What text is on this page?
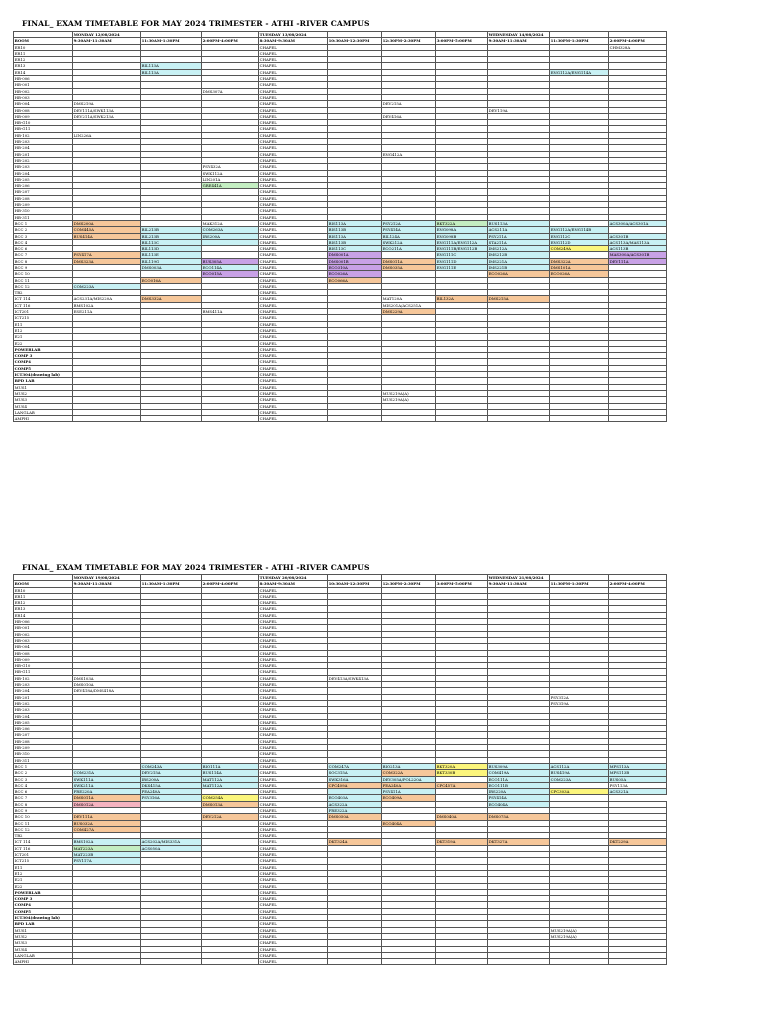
FINAL_ EXAM TIMETABLE FOR MAY 2024 TRIMESTER - ATHI -RIVER CAMPUS
	MONDAY 12/08/2024			TUESDAY 13/08/2024				WEDNESDAY 14/08/2024		
ROOM	9:30AM-11:30AM	11:30AM-1:30PM	2:00PM-4:00PM	8:30AM-9:30AM	10:30AM-12:30PM	12:30PM-2:30PM	3:00PM-5:00PM	9:30AM-11:30AM	11:30PM-1:30PM	2:00PM-4:00PM
ER10				CHAPEL						CHM328A
ER11				CHAPEL						
ER12				CHAPEL						
ER13		BIL113A		CHAPEL						
ER14		BIL113A		CHAPEL					ENG112A/ENG114A	
HB-006				CHAPEL						
HB-001				CHAPEL						
HB-002			DMS307A	CHAPEL						
HB-003				CHAPEL						
HB-004	DMS219A			CHAPEL		DEV215A				
HB-008	DEV111A/SWK113A			CHAPEL				DEV119A		
HB-009	DEV211A/SWK213A			CHAPEL		DEV416A				
HB-G10				CHAPEL						
HB-G11				CHAPEL						
HB-102	LIN226A			CHAPEL						
HB-203				CHAPEL						
HB-204				CHAPEL						
HB-201				CHAPEL		ENG412A				
HB-202				CHAPEL						
HB-203			PSY432A	CHAPEL						
HB-204			SWK112A	CHAPEL						
HB-205			LIN201A	CHAPEL						
HB-206			GRE441A	CHAPEL						
HB-207				CHAPEL						
HB-208				CHAPEL						
HB-209				CHAPEL						
HB-310				CHAPEL						
HB-311				CHAPEL						
BCC 1	DMS200A		MAK312A	CHAPEL	BIS113A	PSY212A	BKT322A	BUS113A		ACS300A/ACS301A
BCC 2	COM445A	BIL213B	COM263A	CHAPEL	BIS113B	PSY414A	ENG098A	ACS211A	ENG112A/ENG114B	
BCC 3	BUS414A	BIL213B	IRS200A	CHAPEL	BIS113A	BIL124A	ENG098B	PSY211A	ENG112C	ACS301B
BCC 4		BIL113C		CHAPEL	BIS113B	SWK212A	ENG111A/ENG112A	STA211A	ENG112D	ACS113A/MAS113A
BCC 6		BIL113D		CHAPEL	BIS113C	ECO211A	ENG111B/ENG112B	IMS212A	COM249A	ACS113B
BCC 7	PSY417A	BIL113E		CHAPEL	DMS001A		ENG111C	IMS212B		MAS300A/ACS301B
BCC 8	DMS323A	BIL119G	BUS305A	CHAPEL	DMS001B	DMS011A	ENG111D	IMS221A	DMS322A	DEV111A
BCC 9		DMS003A	ECO114A	CHAPEL	ECO310A	DMS035A	ENG111E	IMS221B	DMS101A	
BCC 10			ECO015A	CHAPEL	ECO026A			ECO026A	ECO026A	
BCC 11		ECO016A		CHAPEL	ECO066A					
BCC 12	COM223A			CHAPEL						
TB2				CHAPEL						
ICT 114	ACS231A/MIS220A	DMS332A		CHAPEL		MAT120A	BIL132A	DMS215A		
ICT 116	BMS102A			CHAPEL		MIS201A/ACS251A				
ICT201	ESE211A		BMS411A	CHAPEL		DMS229A				
ICT215				CHAPEL						
E11				CHAPEL						
E12				CHAPEL						
E21				CHAPEL						
E22				CHAPEL						
POWERLAB				CHAPEL						
COMP 3				CHAPEL						
COMP4				CHAPEL						
COMP5				CHAPEL						
ICT304(drawing lab)				CHAPEL						
BPD LAB				CHAPEL						
MUS1				CHAPEL						
MUS2				CHAPEL		MUS219A(A)				
MUS3				CHAPEL		MUS219A(A)				
MUS4				CHAPEL						
LANGLAB				CHAPEL						
AMPHI				CHAPEL						
FINAL_ EXAM TIMETABLE FOR MAY 2024 TRIMESTER - ATHI -RIVER CAMPUS
	MONDAY 19/08/2024			TUESDAY 20/08/2024				WEDNESDAY 21/08/2024		
ROOM	9:30AM-11:30AM	11:30AM-1:30PM	2:00PM-4:00PM	8:30AM-9:30AM	10:30AM-12:30PM	12:30PM-2:30PM	3:00PM-5:00PM	9:30AM-11:30AM	11:30PM-1:30PM	2:00PM-4:00PM
ER10				CHAPEL						
ER11				CHAPEL						
ER12				CHAPEL						
ER13				CHAPEL						
ER14				CHAPEL						
HB-006				CHAPEL						
HB-001				CHAPEL						
HB-002				CHAPEL						
HB-003				CHAPEL						
HB-004				CHAPEL						
HB-008				CHAPEL						
HB-009				CHAPEL						
HB-G10				CHAPEL						
HB-G11				CHAPEL						
HB-102	DMS103A			CHAPEL	DEV413A/SWK413A					
HB-203	DMS010A			CHAPEL						
HB-204	DEV418A/DMS418A			CHAPEL						
HB-201				CHAPEL					PSY312A	
HB-202				CHAPEL					PSY319A	
HB-203				CHAPEL						
HB-204				CHAPEL						
HB-205				CHAPEL						
HB-206				CHAPEL						
HB-207				CHAPEL						
HB-208				CHAPEL						
HB-209				CHAPEL						
HB-310				CHAPEL						
HB-311				CHAPEL						
BCC 1		COM243A	BIO111A	CHAPEL	COM247A	BIO213A	BKT320A	BUS309A	ACS112A	MPS113A
BCC 2	COM231A	DEV215A	BUS114A	CHAPEL	SOC315A	COM322A	BKT330B	COM419A	BUS419A	MPS113B
BCC 3	SWK111A	IRS200A	MAT112A	CHAPEL	SWK316A	DEV305A/POL220A		ECO111A	COM223A	BUS05A
BCC 4	SWK211A	DKS415A	MAT112A	CHAPEL	CPC409A	FEA240A	CPC457A	ECO111B		PSY113A
BCC 6	FRE220A	PEA240A		CHAPEL		PSY411A		IRS220A	CPC303A	ACS321A
BCC 7	DMS011A	PSY316A	COM254A	CHAPEL	ECO403A	ECO409A		PSY414A		
BCC 8	DMS012A		DMS013A	CHAPEL	ACS322A			ECO404A		
BCC 9				CHAPEL	FRE322A					
BCC 10	DEV111A		DEV212A	CHAPEL	DMS050A		DMS040A	DMS075A		
BCC 11	BUS032A			CHAPEL		ECO404A				
BCC 12	COM427A			CHAPEL						
TB2				CHAPEL						
ICT 114	BMS102A	ACS202A/MIS331A		CHAPEL	DKT324A		DKT319A	DKT327A		DKT229A
ICT 116	MAT223A	ACS050A		CHAPEL						
ICT201	MAT223B			CHAPEL						
ICT215	PSY117A			CHAPEL						
E11				CHAPEL						
E12				CHAPEL						
E21				CHAPEL						
E22				CHAPEL						
POWERLAB				CHAPEL						
COMP 3				CHAPEL						
COMP4				CHAPEL						
COMP5				CHAPEL						
ICT304(drawing lab)				CHAPEL						
BPD LAB				CHAPEL						
MUS1				CHAPEL					MUS219A(A)	
MUS2				CHAPEL					MUS219A(A)	
MUS3				CHAPEL						
MUS4				CHAPEL						
LANGLAB				CHAPEL						
AMPHI				CHAPEL						
